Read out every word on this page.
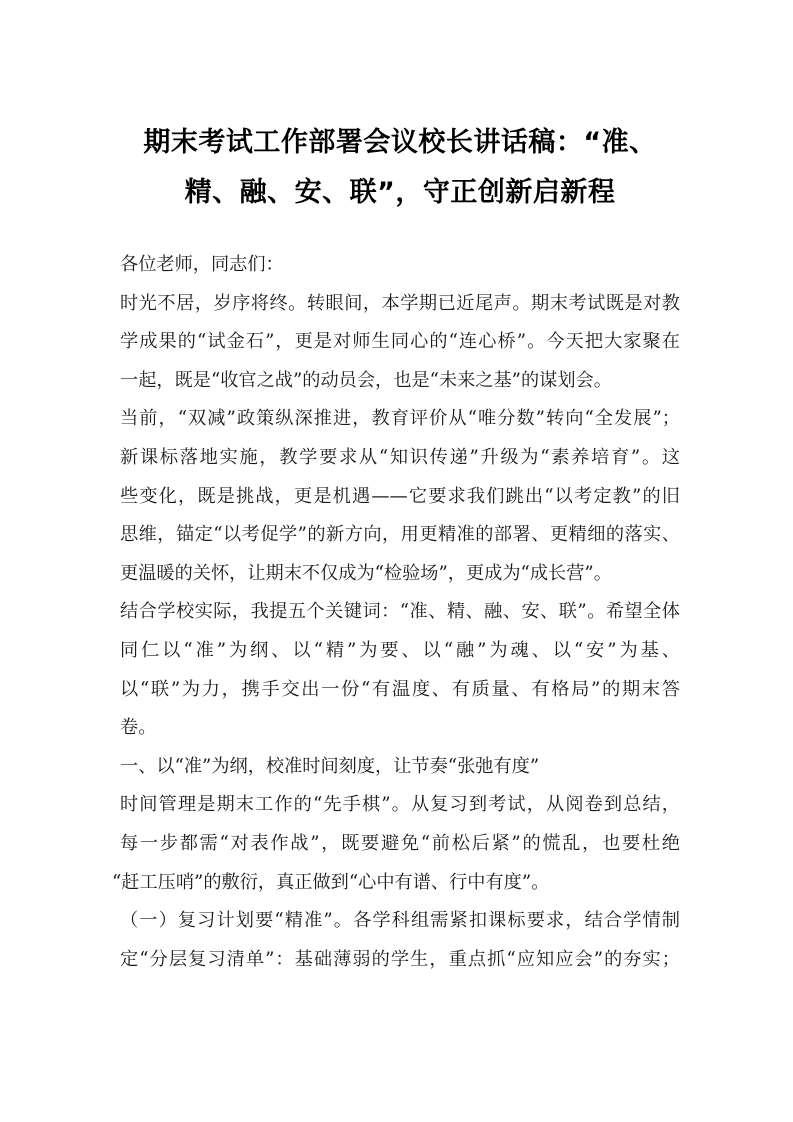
期末考试工作部署会议校长讲话稿：“准、
精、融、安、联”，守正创新启新程
各位老师，同志们：
时光不居，岁序将终。转眼间，本学期已近尾声。期末考试既是对教
学成果的“试金石”，更是对师生同心的“连心桥”。今天把大家聚在
一起，既是“收官之战”的动员会，也是“未来之基”的谋划会。
当前，“双减”政策纵深推进，教育评价从“唯分数”转向“全发展”；
新课标落地实施，教学要求从“知识传递”升级为“素养培育”。这
些变化，既是挑战，更是机遇——它要求我们跳出“以考定教”的旧
思维，锚定“以考促学”的新方向，用更精准的部署、更精细的落实、
更温暖的关怀，让期末不仅成为“检验场”，更成为“成长营”。
结合学校实际，我提五个关键词：“准、精、融、安、联”。希望全体
同仁以“准”为纲、以“精”为要、以“融”为魂、以“安”为基、
以“联”为力，携手交出一份“有温度、有质量、有格局”的期末答
卷。
一、以“准”为纲，校准时间刻度，让节奏“张弛有度”
时间管理是期末工作的“先手棋”。从复习到考试，从阅卷到总结，
每一步都需“对表作战”，既要避免“前松后紧”的慌乱，也要杜绝
“赶工压哨”的敷衍，真正做到“心中有谱、行中有度”。
（一）复习计划要“精准”。各学科组需紧扣课标要求，结合学情制
定“分层复习清单”：基础薄弱的学生，重点抓“应知应会”的夯实；
